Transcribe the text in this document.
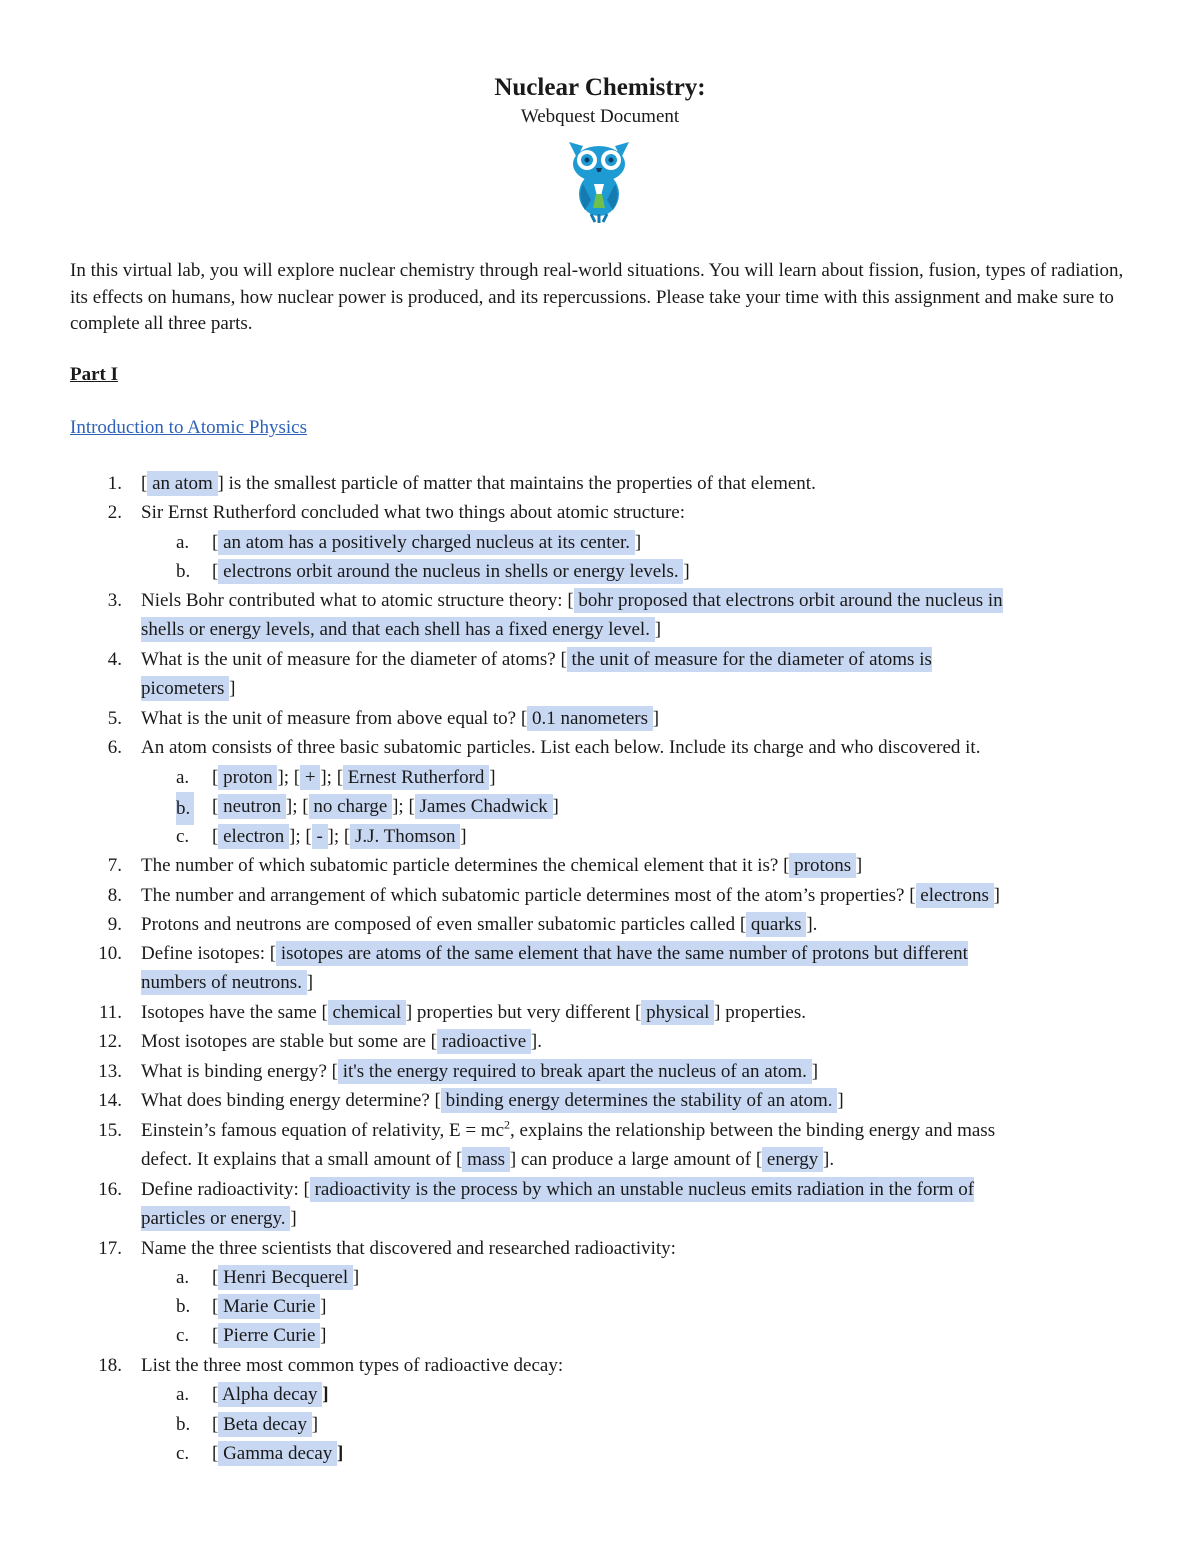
Nuclear Chemistry:
Webquest Document

In this virtual lab, you will explore nuclear chemistry through real-world situations. You will learn about fission, fusion, types of radiation, its effects on humans, how nuclear power is produced, and its repercussions. Please take your time with this assignment and make sure to complete all three parts.

Part I
Introduction to Atomic Physics
1. [ an atom ] is the smallest particle of matter that maintains the properties of that element.
2. Sir Ernst Rutherford concluded what two things about atomic structure:
a. [ an atom has a positively charged nucleus at its center. ]
b. [ electrons orbit around the nucleus in shells or energy levels. ]
3. Niels Bohr contributed what to atomic structure theory: [ bohr proposed that electrons orbit around the nucleus in
shells or energy levels, and that each shell has a fixed energy level. ]
4. What is the unit of measure for the diameter of atoms? [ the unit of measure for the diameter of atoms is
picometers ]
5. What is the unit of measure from above equal to? [ 0.1 nanometers ]
6. An atom consists of three basic subatomic particles. List each below. Include its charge and who discovered it.
a. [ proton ]; [ + ]; [ Ernest Rutherford ]
b. [ neutron ]; [ no charge ]; [ James Chadwick ]
c. [ electron ]; [ - ]; [ J.J. Thomson ]
7. The number of which subatomic particle determines the chemical element that it is? [ protons ]
8. The number and arrangement of which subatomic particle determines most of the atom’s properties? [ electrons ]
9. Protons and neutrons are composed of even smaller subatomic particles called [ quarks ].
10. Define isotopes: [ isotopes are atoms of the same element that have the same number of protons but different
numbers of neutrons. ]
11. Isotopes have the same [ chemical ] properties but very different [ physical ] properties.
12. Most isotopes are stable but some are [ radioactive ].
13. What is binding energy? [ it's the energy required to break apart the nucleus of an atom. ]
14. What does binding energy determine? [ binding energy determines the stability of an atom. ]
15. Einstein’s famous equation of relativity, $E = mc^2$, explains the relationship between the binding energy and mass
defect. It explains that a small amount of [ mass ] can produce a large amount of [ energy ].
16. Define radioactivity: [ radioactivity is the process by which an unstable nucleus emits radiation in the form of
particles or energy. ]
17. Name the three scientists that discovered and researched radioactivity:
a. [ Henri Becquerel ]
b. [ Marie Curie ]
c. [ Pierre Curie ]
18. List the three most common types of radioactive decay:
a. [ Alpha decay ]
b. [ Beta decay ]
c. [ Gamma decay ]
